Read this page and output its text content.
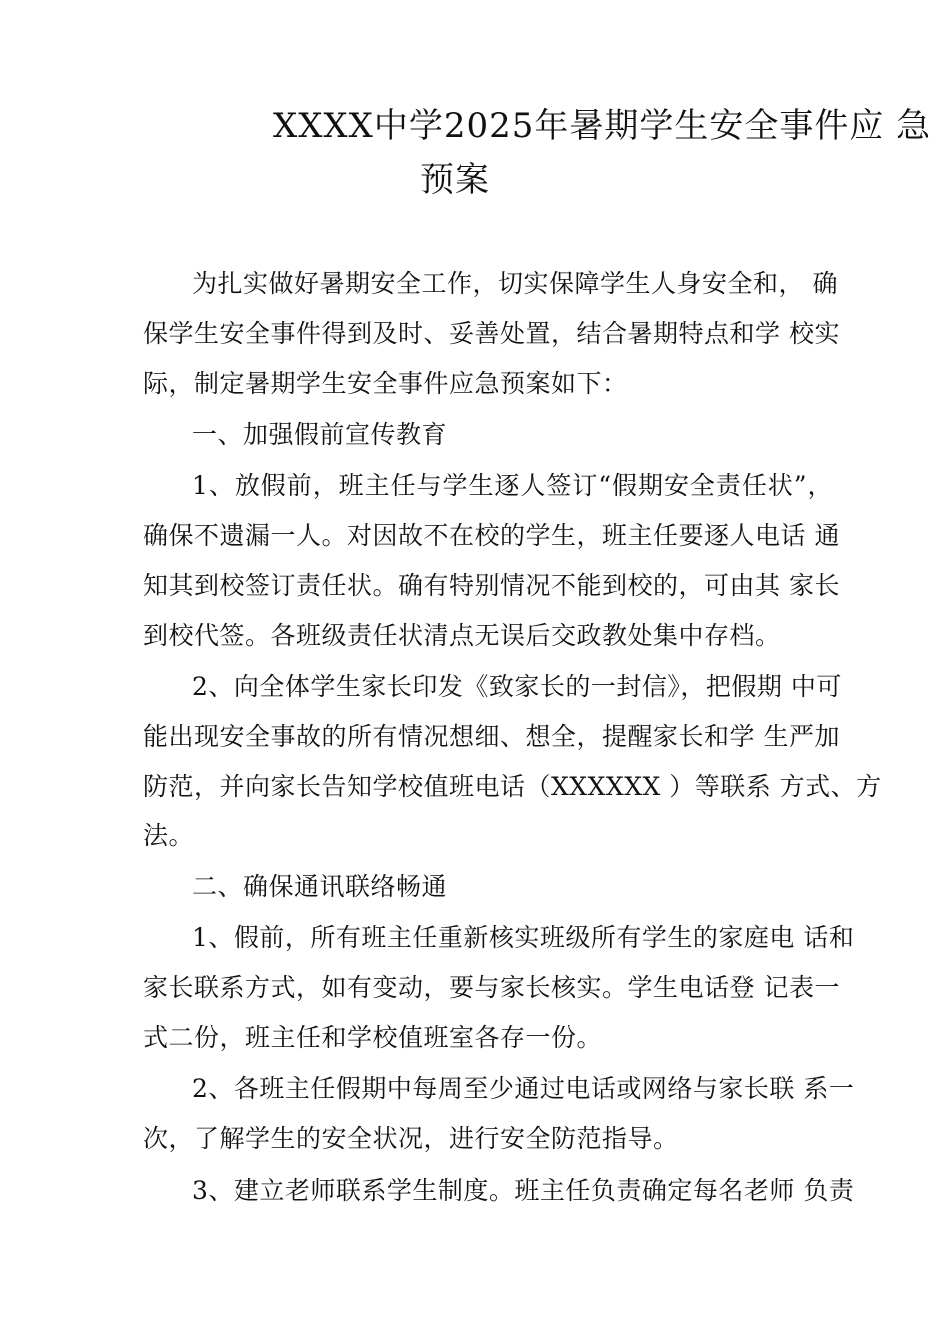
XXXX中学2025年暑期学生安全事件应 急
预案
为扎实做好暑期安全工作，切实保障学生人身安全和， 确
保学生安全事件得到及时、妥善处置，结合暑期特点和学 校实
际，制定暑期学生安全事件应急预案如下：
一、加强假前宣传教育
1、放假前，班主任与学生逐人签订“假期安全责任状”，
确保不遗漏一人。对因故不在校的学生，班主任要逐人电话 通
知其到校签订责任状。确有特别情况不能到校的，可由其 家长
到校代签。各班级责任状清点无误后交政教处集中存档。
2、向全体学生家长印发《致家长的一封信》，把假期 中可
能出现安全事故的所有情况想细、想全，提醒家长和学 生严加
防范，并向家长告知学校值班电话（XXXXXX ）等联系 方式、方
法。
二、确保通讯联络畅通
1、假前，所有班主任重新核实班级所有学生的家庭电 话和
家长联系方式，如有变动，要与家长核实。学生电话登 记表一
式二份，班主任和学校值班室各存一份。
2、各班主任假期中每周至少通过电话或网络与家长联 系一
次，了解学生的安全状况，进行安全防范指导。
3、建立老师联系学生制度。班主任负责确定每名老师 负责
